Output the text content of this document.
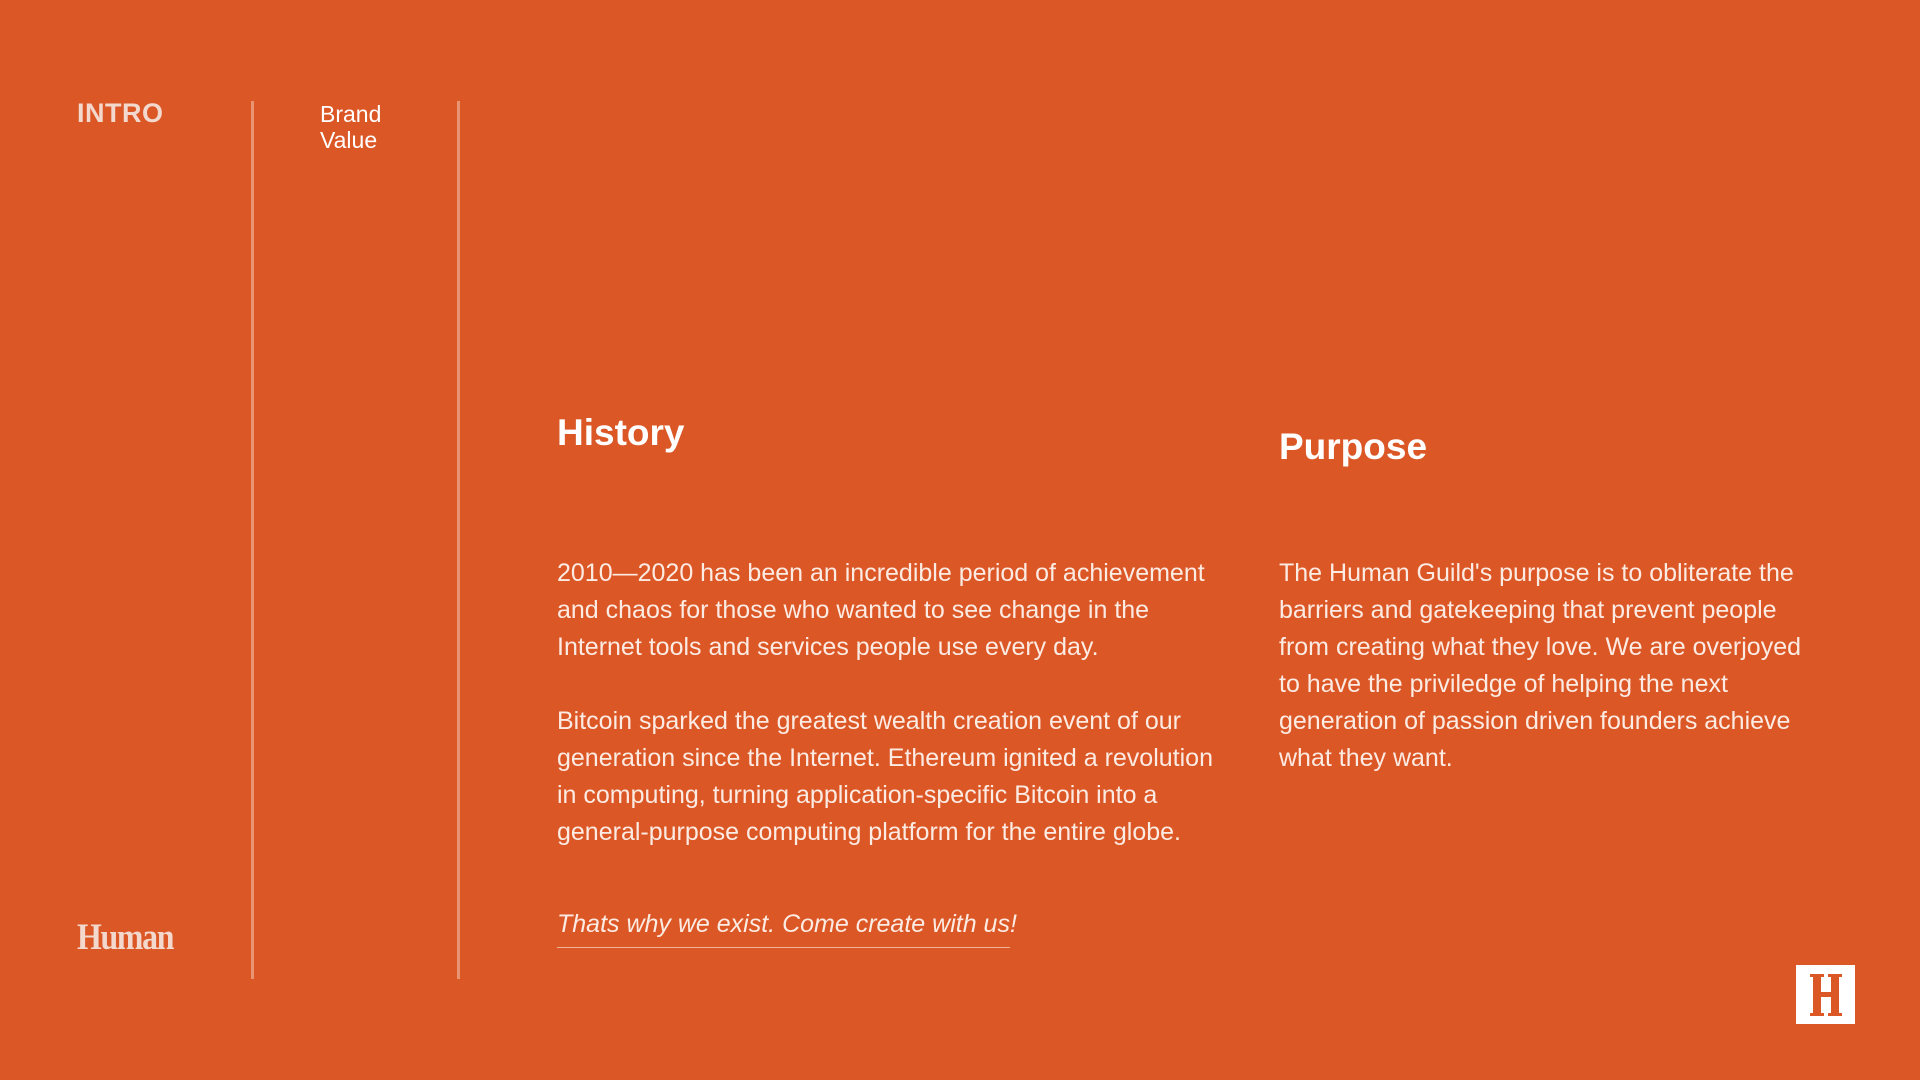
INTRO	Brand Value
History

2010—2020 has been an incredible period of achievement and chaos for those who wanted to see change in the Internet tools and services people use every day.

Bitcoin sparked the greatest wealth creation event of our generation since the Internet. Ethereum ignited a revolution in computing, turning application-specific Bitcoin into a general-purpose computing platform for the entire globe.

Thats why we exist. Come create with us!
Purpose

The Human Guild's purpose is to obliterate the barriers and gatekeeping that prevent people from creating what they love. We are overjoyed to have the priviledge of helping the next generation of passion driven founders achieve what they want.

Human
